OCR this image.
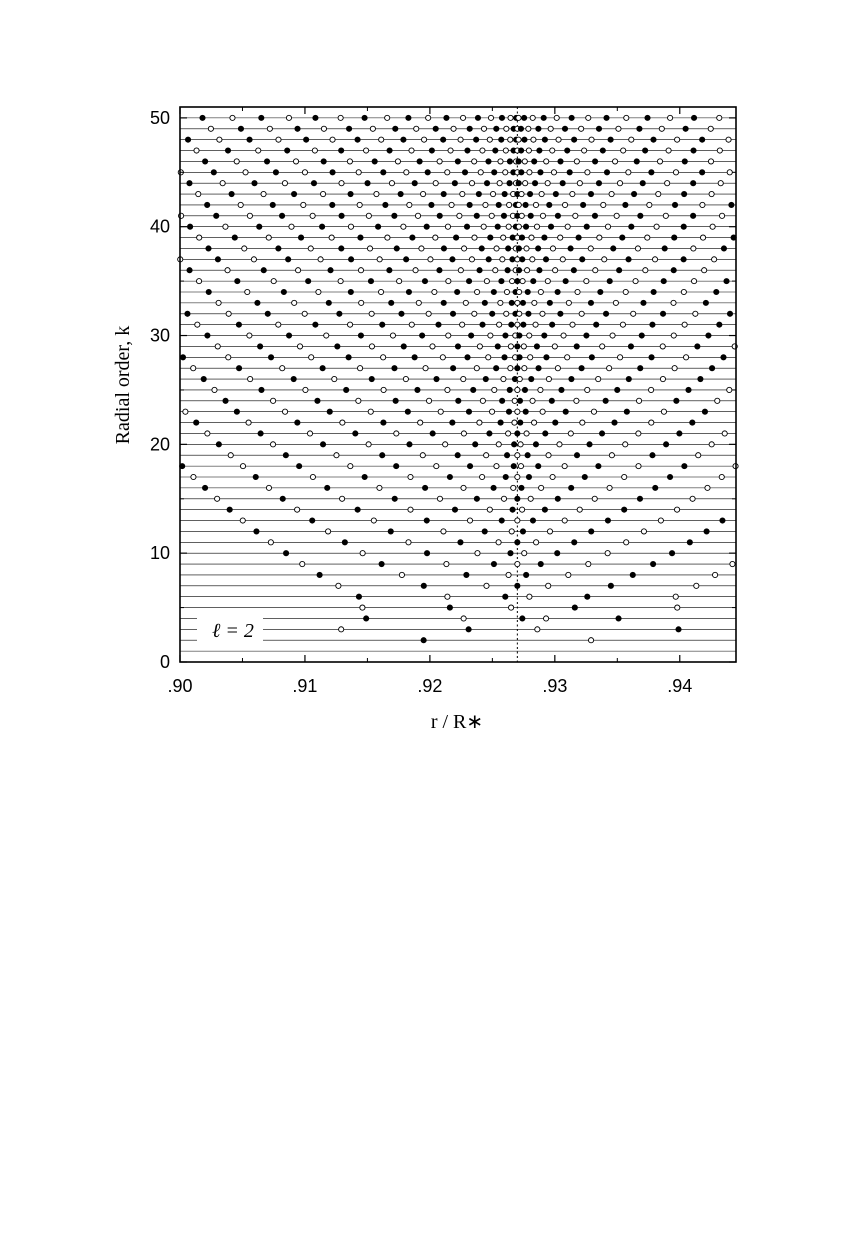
.90	.91	.92	.93	.94
0
10
20
30
40
50
ℓ = 2
r / R∗
Radial order, k
